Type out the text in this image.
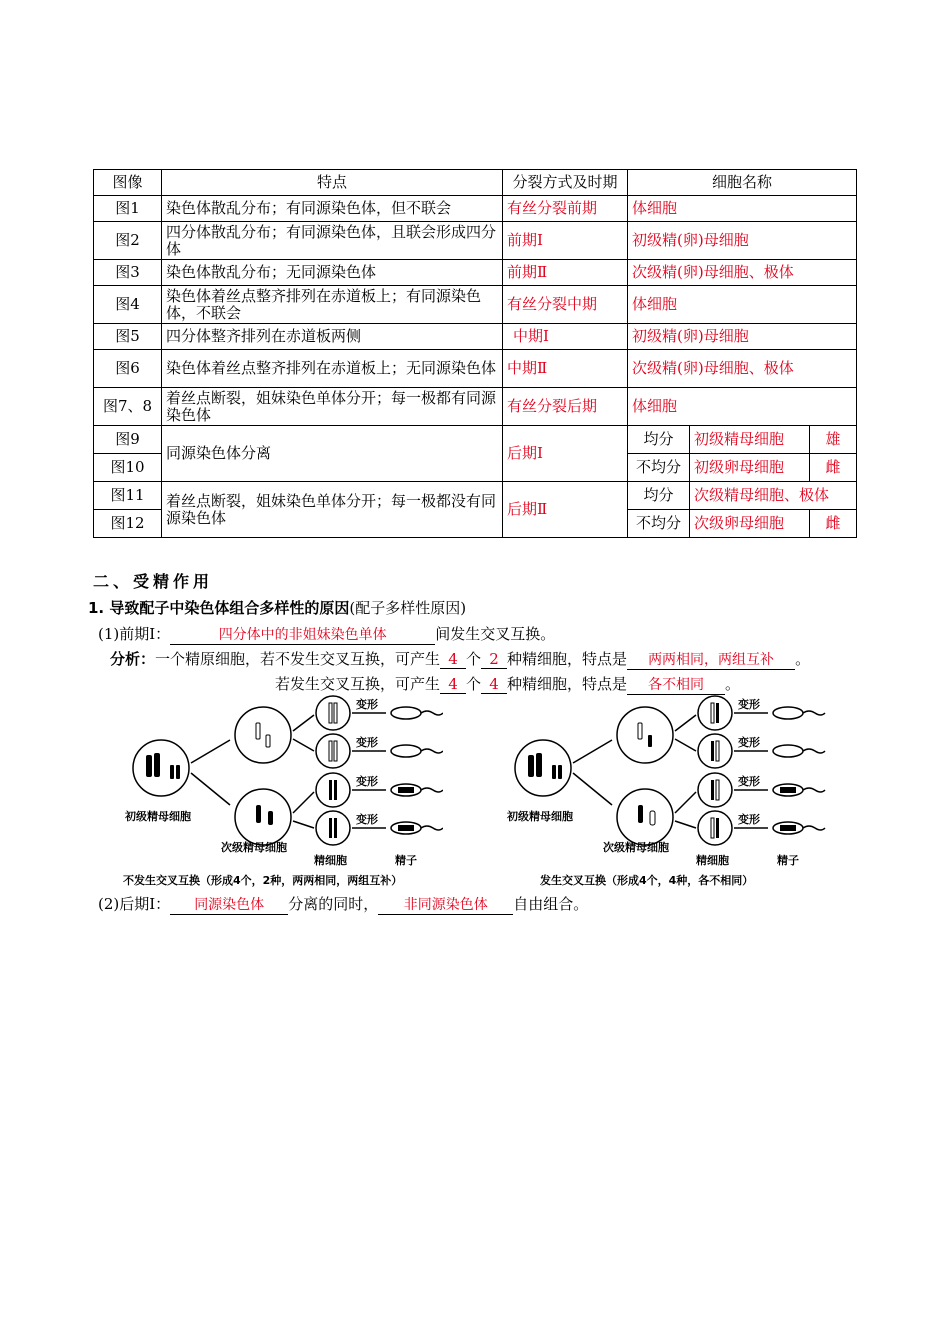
图像	特点	分裂方式及时期	细胞名称		
图1	染色体散乱分布；有同源染色体，但不联会	有丝分裂前期	体细胞		
图2	四分体散乱分布；有同源染色体，且联会形成四分体	前期Ⅰ	初级精(卵)母细胞		
图3	染色体散乱分布；无同源染色体	前期Ⅱ	次级精(卵)母细胞、极体		
图4	染色体着丝点整齐排列在赤道板上；有同源染色体，不联会	有丝分裂中期	体细胞		
图5	四分体整齐排列在赤道板两侧	中期Ⅰ	初级精(卵)母细胞		
图6	染色体着丝点整齐排列在赤道板上；无同源染色体	中期Ⅱ	次级精(卵)母细胞、极体		
图7、8	着丝点断裂，姐妹染色单体分开；每一极都有同源染色体	有丝分裂后期	体细胞		
图9	同源染色体分离	后期Ⅰ	均分	初级精母细胞	雄
图10			不均分	初级卵母细胞	雌
图11	着丝点断裂，姐妹染色单体分开；每一极都没有同源染色体	后期Ⅱ	均分	次级精母细胞、极体	
图12			不均分	次级卵母细胞	雌
二、受精作用
1. 导致配子中染色体组合多样性的原因(配子多样性原因)
(1)前期Ⅰ：	四分体中的非姐妹染色单体	间发生交叉互换。
分析：一个精原细胞，若不发生交叉互换，可产生 4 个 2 种精细胞，特点是 两两相同，两组互补 。
若发生交叉互换，可产生 4 个 4 种精细胞，特点是 各不相同 。
变形
变形
变形
变形
初级精母细胞
次级精母细胞
精细胞	精子
不发生交叉互换（形成4个，2种，两两相同，两组互补）
变形
变形
变形
变形
初级精母细胞
次级精母细胞
精细胞	精子
发生交叉互换（形成4个，4种，各不相同）
(2)后期Ⅰ： 同源染色体 分离的同时， 非同源染色体 自由组合。
